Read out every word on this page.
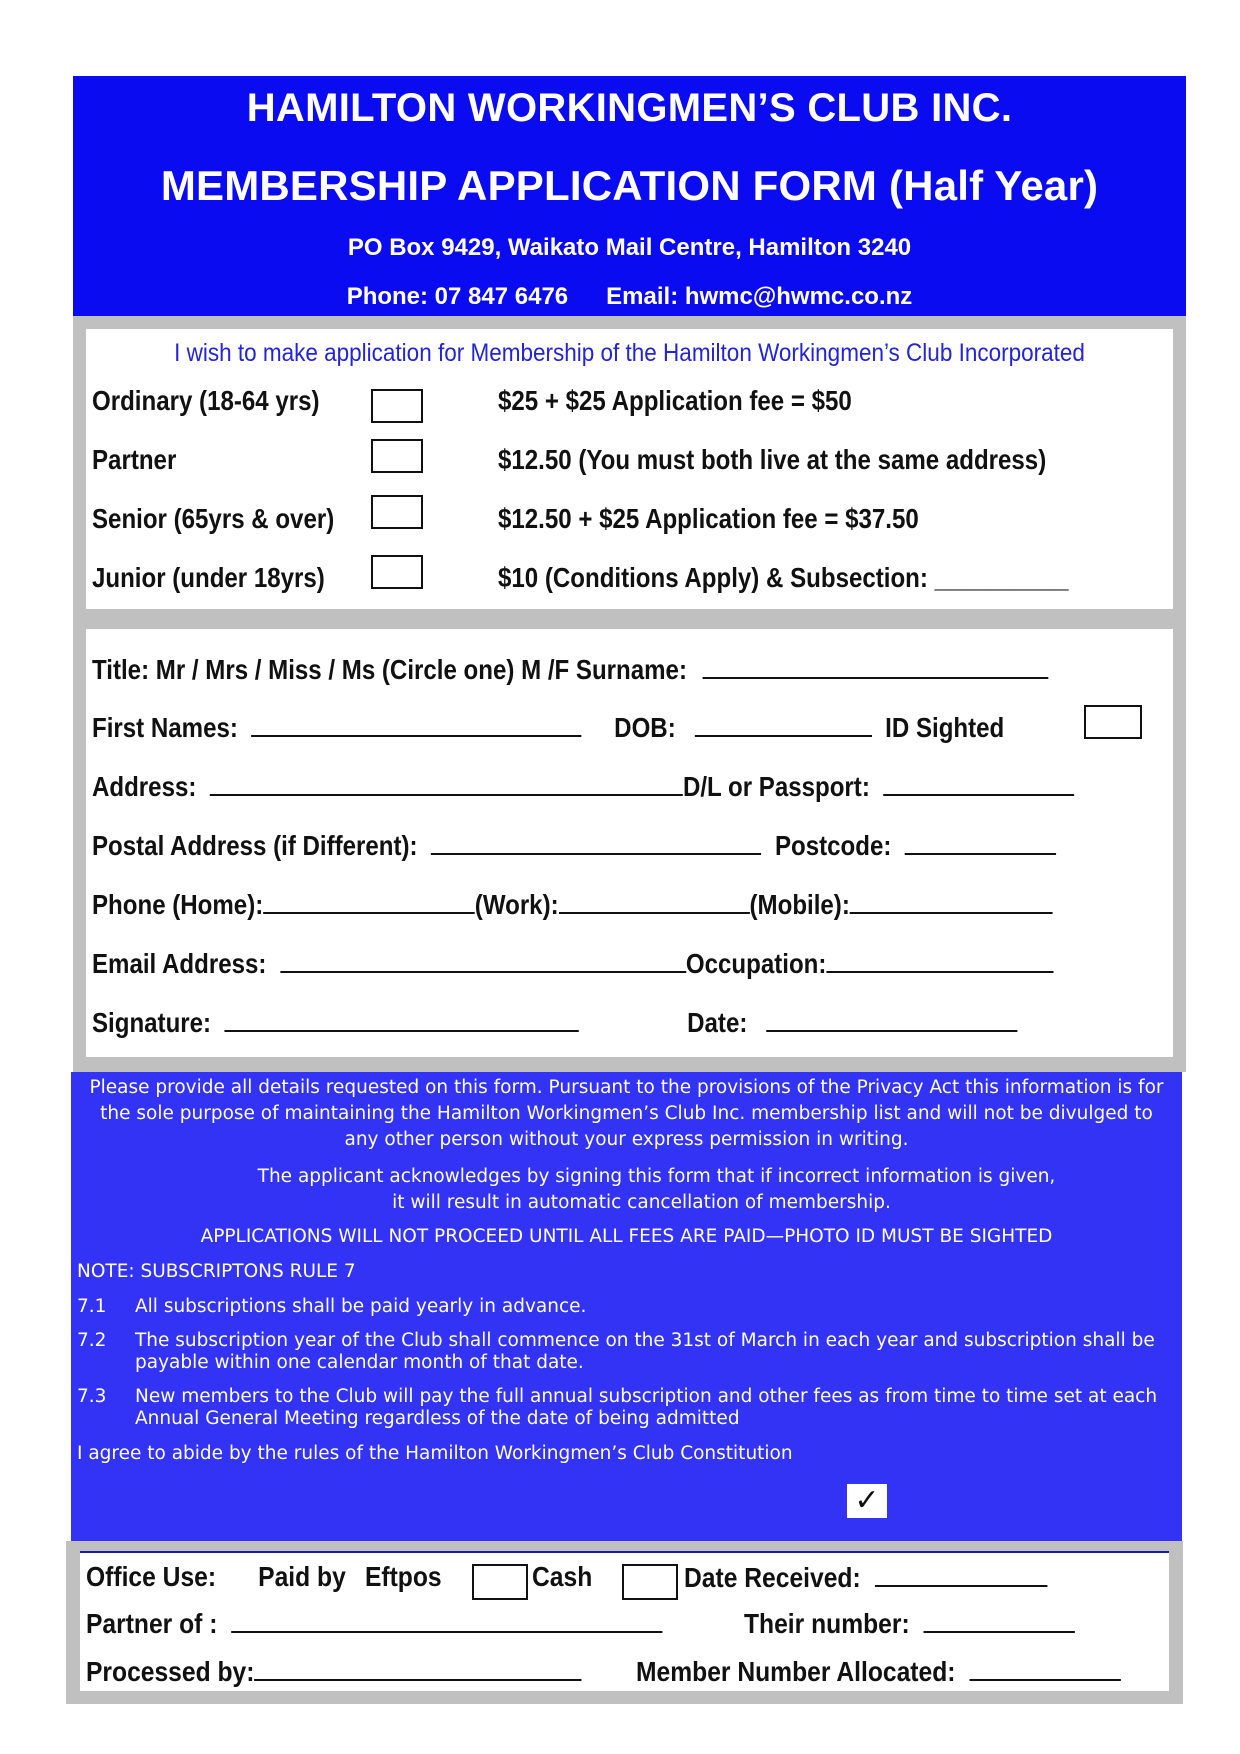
HAMILTON WORKINGMEN’S CLUB INC.
MEMBERSHIP APPLICATION FORM (Half Year)
PO Box 9429, Waikato Mail Centre, Hamilton 3240
Phone: 07 847 6476 Email: hwmc@hwmc.co.nz
I wish to make application for Membership of the Hamilton Workingmen’s Club Incorporated
Ordinary (18-64 yrs)	$25 + $25 Application fee = $50
Partner	$12.50 (You must both live at the same address)
Senior (65yrs & over)	$12.50 + $25 Application fee = $37.50
Junior (under 18yrs)	$10 (Conditions Apply) & Subsection: __________
Title: Mr / Mrs / Miss / Ms (Circle one) M /F Surname:
First Names:	DOB:	ID Sighted
Address:	D/L or Passport:
Postal Address (if Different):	Postcode:
Phone (Home):	(Work):	(Mobile):
Email Address:	Occupation:
Signature:	Date:
Please provide all details requested on this form. Pursuant to the provisions of the Privacy Act this information is for
the sole purpose of maintaining the Hamilton Workingmen’s Club Inc. membership list and will not be divulged to
any other person without your express permission in writing.
The applicant acknowledges by signing this form that if incorrect information is given,
it will result in automatic cancellation of membership.
APPLICATIONS WILL NOT PROCEED UNTIL ALL FEES ARE PAID—PHOTO ID MUST BE SIGHTED
NOTE: SUBSCRIPTONS RULE 7
7.1 All subscriptions shall be paid yearly in advance.
7.2 The subscription year of the Club shall commence on the 31st of March in each year and subscription shall be payable within one calendar month of that date.
7.3 New members to the Club will pay the full annual subscription and other fees as from time to time set at each Annual General Meeting regardless of the date of being admitted
I agree to abide by the rules of the Hamilton Workingmen’s Club Constitution
✓
Office Use: Paid by Eftpos	Cash	Date Received:
Partner of :	Their number:
Processed by:	Member Number Allocated:
